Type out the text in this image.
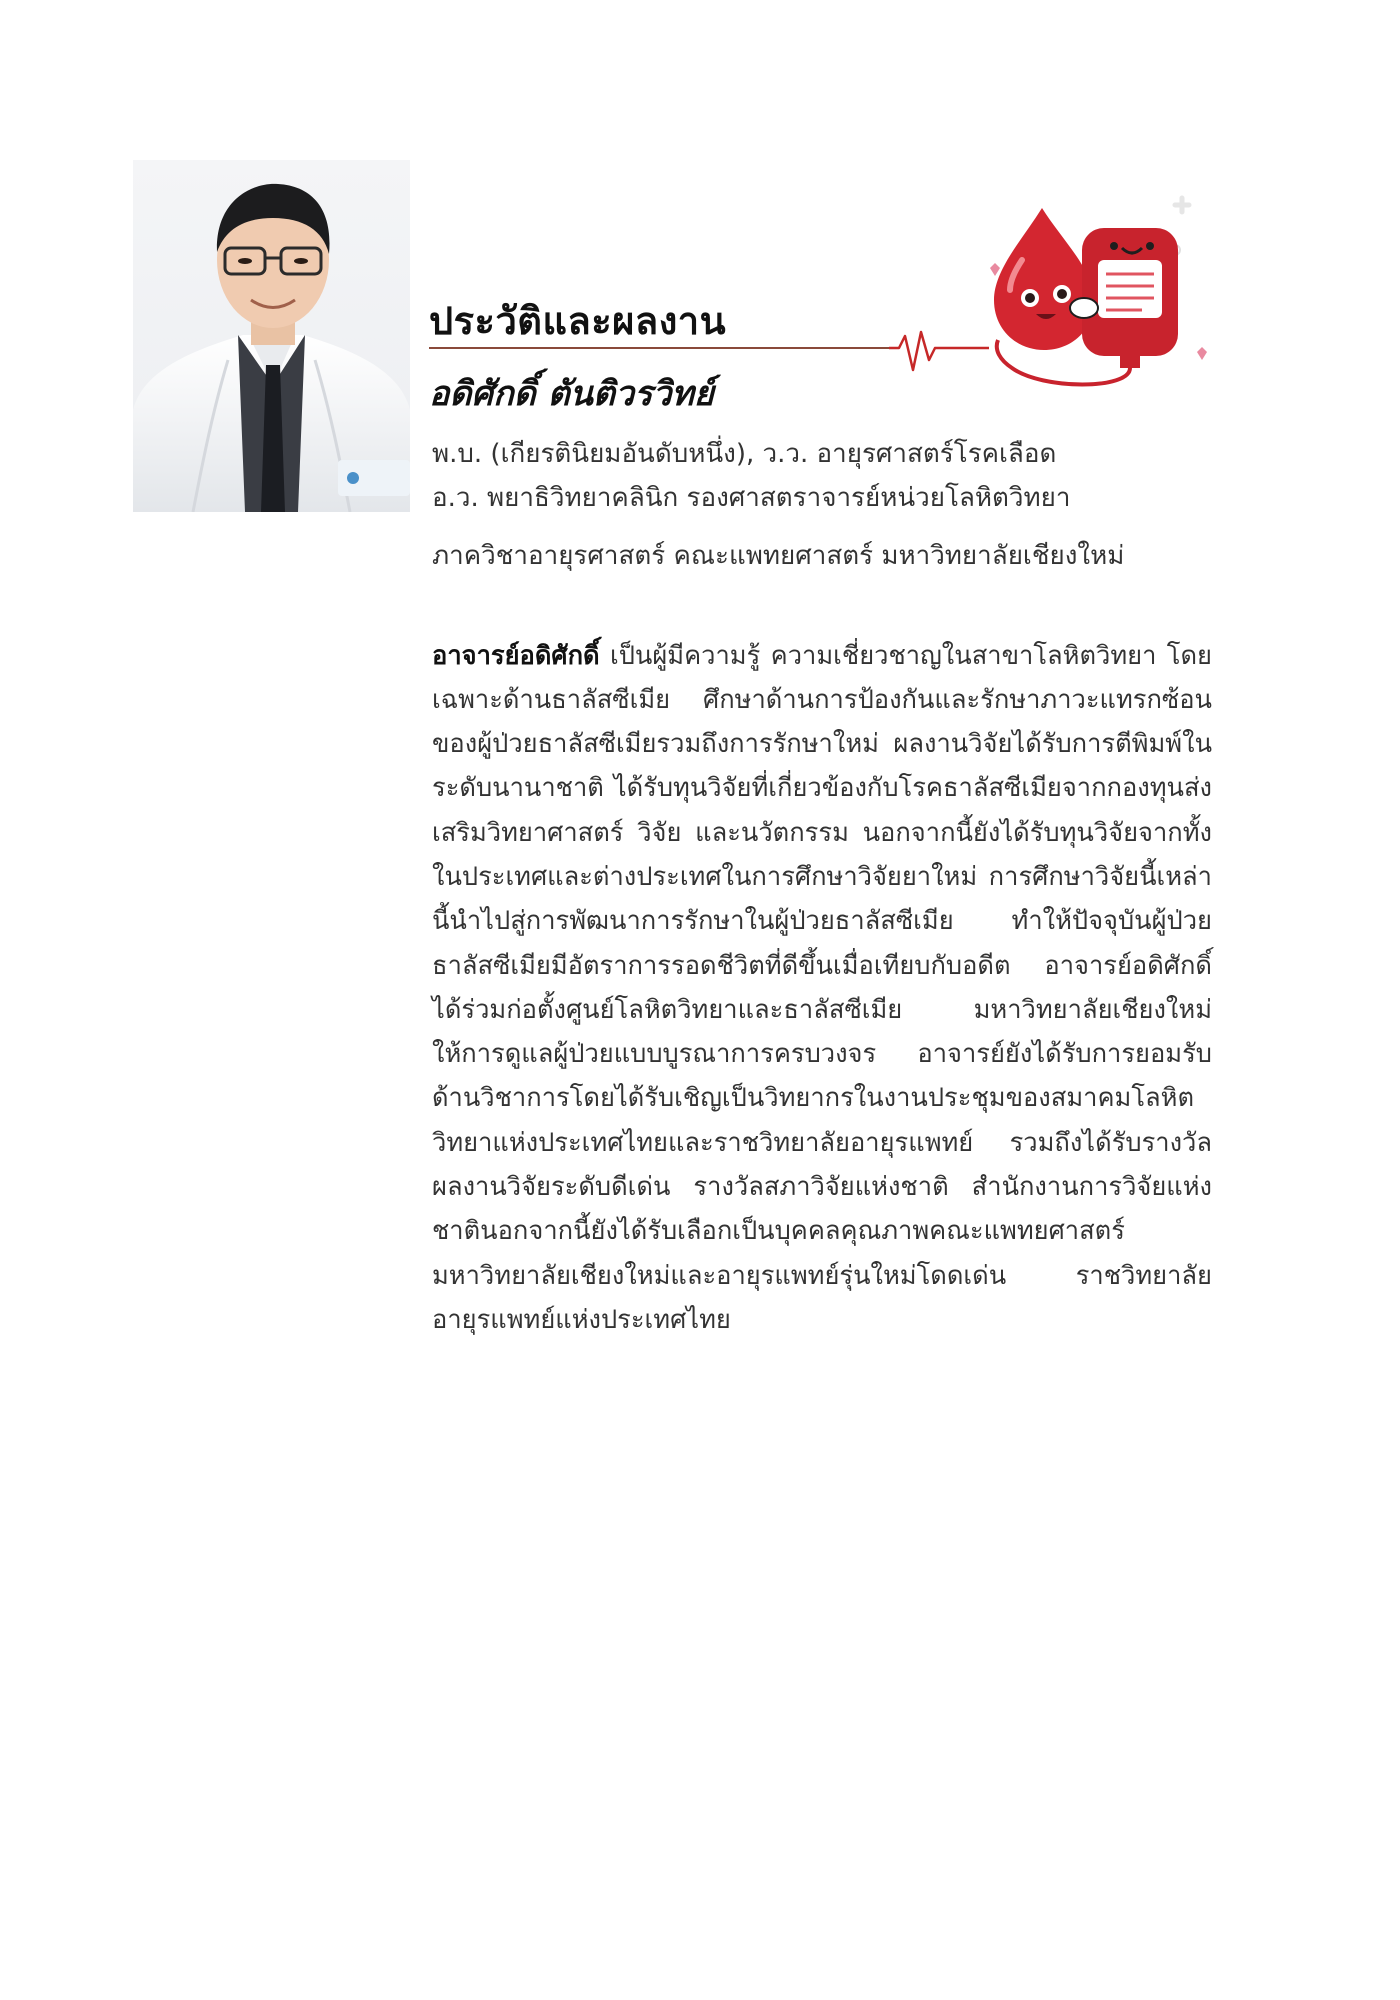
ประวัติและผลงาน
อดิศักดิ์ ตันติวรวิทย์
พ.บ. (เกียรตินิยมอันดับหนึ่ง), ว.ว. อายุรศาสตร์โรคเลือด
อ.ว. พยาธิวิทยาคลินิก รองศาสตราจารย์หน่วยโลหิตวิทยา
ภาควิชาอายุรศาสตร์ คณะแพทยศาสตร์ มหาวิทยาลัยเชียงใหม่

อาจารย์อดิศักดิ์ เป็นผู้มีความรู้ ความเชี่ยวชาญในสาขาโลหิตวิทยา โดยเฉพาะด้านธาลัสซีเมีย ศึกษาด้านการป้องกันและรักษาภาวะแทรกซ้อนของผู้ป่วยธาลัสซีเมียรวมถึงการรักษาใหม่ ผลงานวิจัยได้รับการตีพิมพ์ในระดับนานาชาติ ได้รับทุนวิจัยที่เกี่ยวข้องกับโรคธาลัสซีเมียจากกองทุนส่งเสริมวิทยาศาสตร์ วิจัย และนวัตกรรม นอกจากนี้ยังได้รับทุนวิจัยจากทั้งในประเทศและต่างประเทศในการศึกษาวิจัยยาใหม่ การศึกษาวิจัยนี้เหล่านี้นำไปสู่การพัฒนาการรักษาในผู้ป่วยธาลัสซีเมีย ทำให้ปัจจุบันผู้ป่วยธาลัสซีเมียมีอัตราการรอดชีวิตที่ดีขึ้นเมื่อเทียบกับอดีต อาจารย์อดิศักดิ์ได้ร่วมก่อตั้งศูนย์โลหิตวิทยาและธาลัสซีเมีย มหาวิทยาลัยเชียงใหม่ ให้การดูแลผู้ป่วยแบบบูรณาการครบวงจร อาจารย์ยังได้รับการยอมรับด้านวิชาการโดยได้รับเชิญเป็นวิทยากรในงานประชุมของสมาคมโลหิตวิทยาแห่งประเทศไทยและราชวิทยาลัยอายุรแพทย์ รวมถึงได้รับรางวัลผลงานวิจัยระดับดีเด่น รางวัลสภาวิจัยแห่งชาติ สำนักงานการวิจัยแห่งชาตินอกจากนี้ยังได้รับเลือกเป็นบุคคลคุณภาพคณะแพทยศาสตร์ มหาวิทยาลัยเชียงใหม่และอายุรแพทย์รุ่นใหม่โดดเด่น ราชวิทยาลัยอายุรแพทย์แห่งประเทศไทย
